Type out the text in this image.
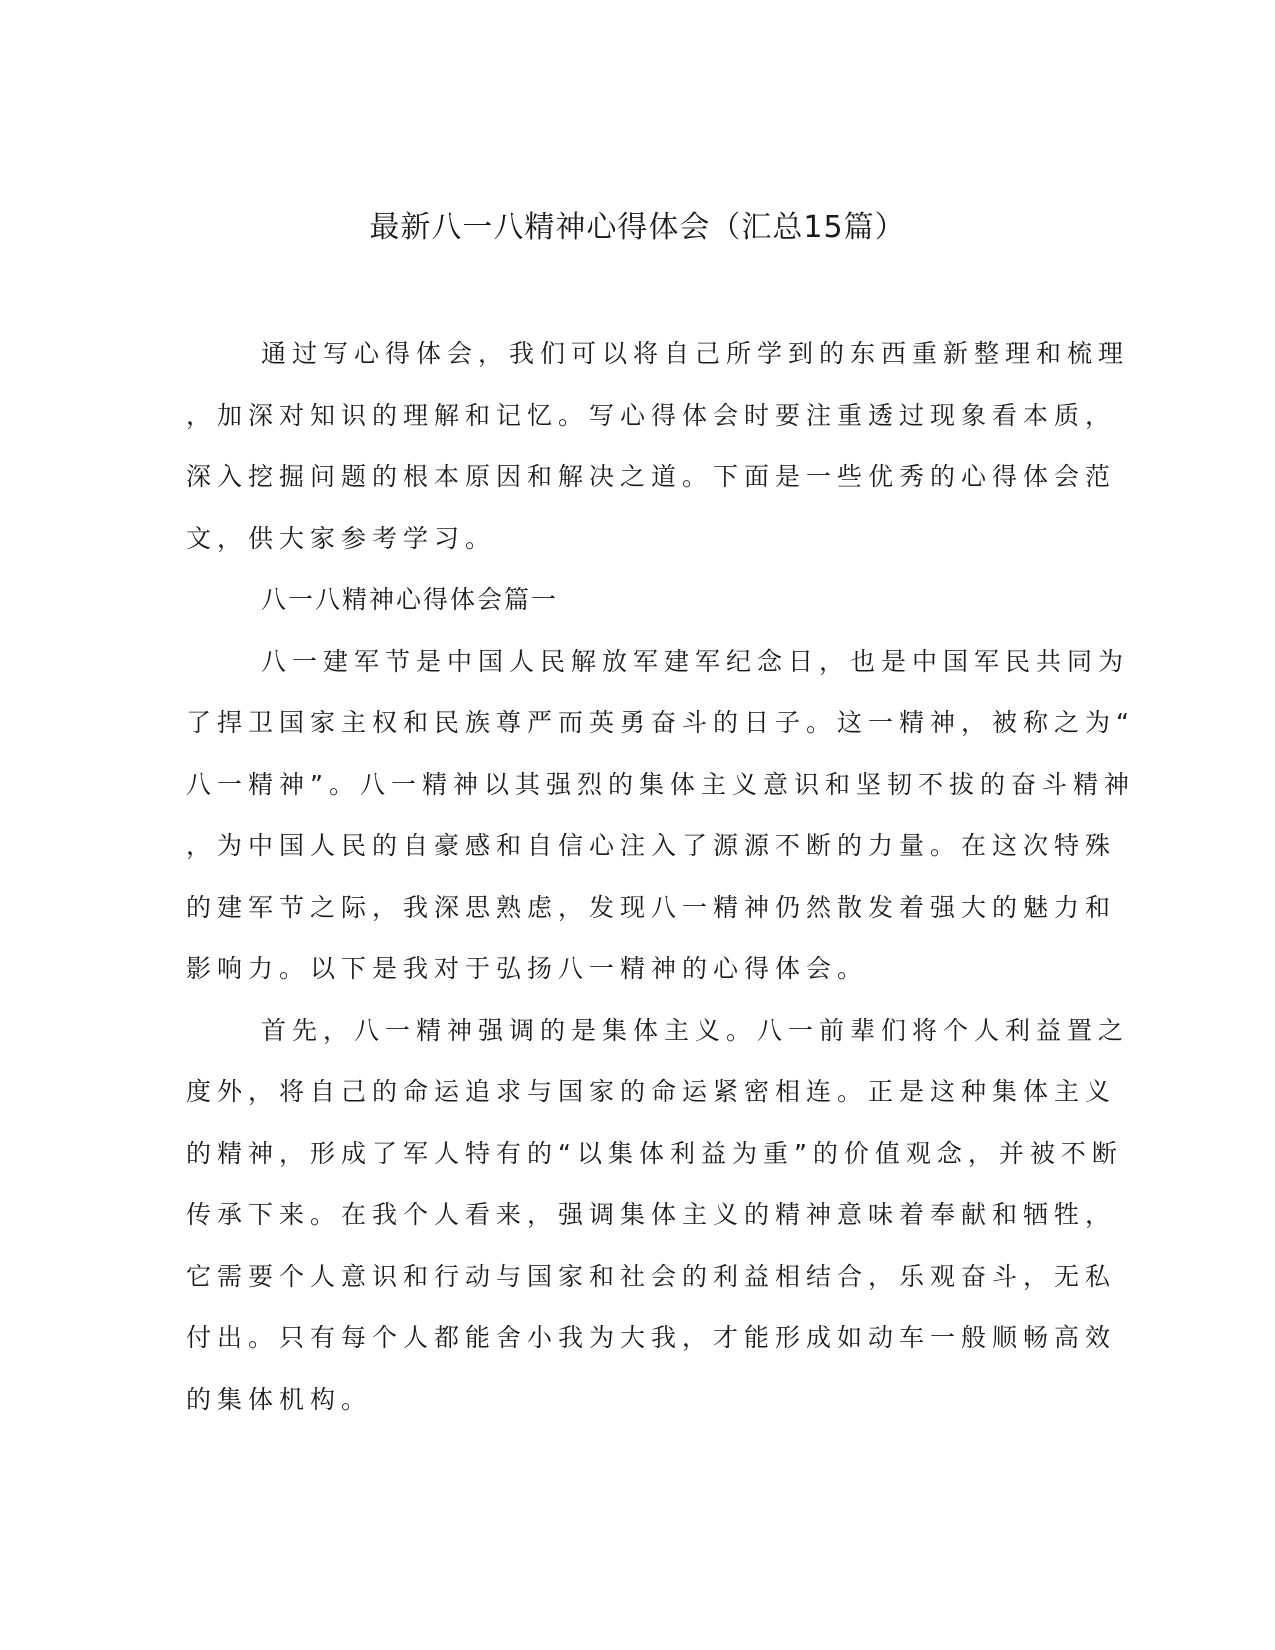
最新八一八精神心得体会（汇总15篇）
通过写心得体会，我们可以将自己所学到的东西重新整理和梳理
，加深对知识的理解和记忆。写心得体会时要注重透过现象看本质，
深入挖掘问题的根本原因和解决之道。下面是一些优秀的心得体会范
文，供大家参考学习。
八一八精神心得体会篇一
八一建军节是中国人民解放军建军纪念日，也是中国军民共同为
了捍卫国家主权和民族尊严而英勇奋斗的日子。这一精神，被称之为“
八一精神”。八一精神以其强烈的集体主义意识和坚韧不拔的奋斗精神
，为中国人民的自豪感和自信心注入了源源不断的力量。在这次特殊
的建军节之际，我深思熟虑，发现八一精神仍然散发着强大的魅力和
影响力。以下是我对于弘扬八一精神的心得体会。
首先，八一精神强调的是集体主义。八一前辈们将个人利益置之
度外，将自己的命运追求与国家的命运紧密相连。正是这种集体主义
的精神，形成了军人特有的“以集体利益为重”的价值观念，并被不断
传承下来。在我个人看来，强调集体主义的精神意味着奉献和牺牲，
它需要个人意识和行动与国家和社会的利益相结合，乐观奋斗，无私
付出。只有每个人都能舍小我为大我，才能形成如动车一般顺畅高效
的集体机构。
